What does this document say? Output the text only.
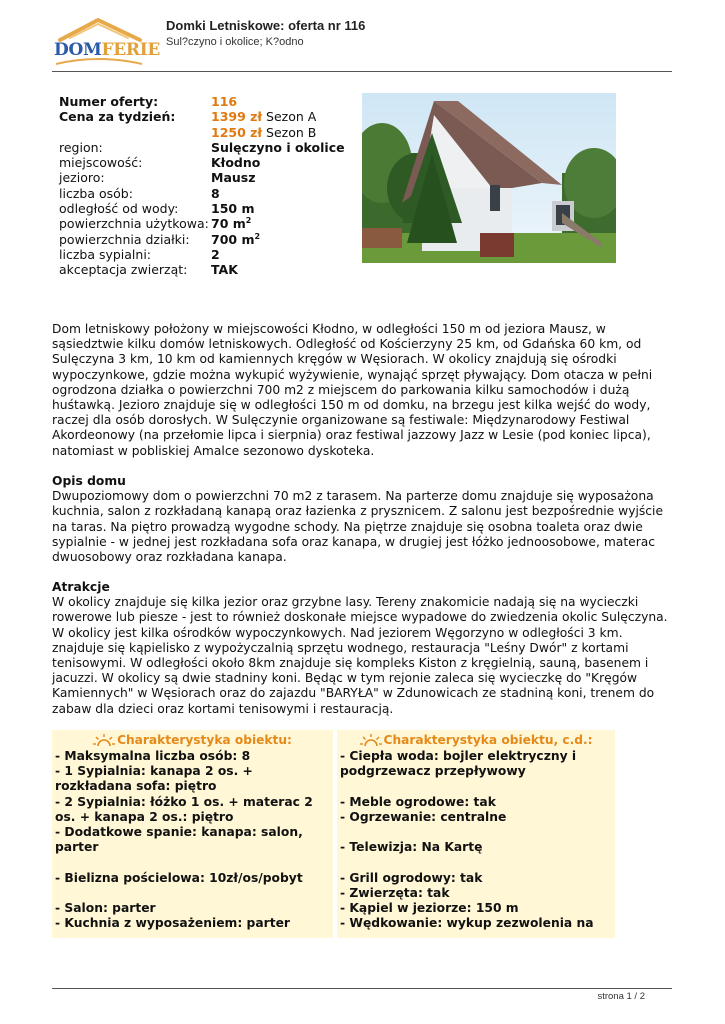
DOMFERIE
Domki Letniskowe: oferta nr 116
Sul?czyno i okolice; K?odno
Numer oferty:	116
Cena za tydzień:	1399 zł Sezon A
1250 zł Sezon B
region:	Sulęczyno i okolice
miejscowość:	Kłodno
jezioro:	Mausz
liczba osób:	8
odległość od wody:	150 m
powierzchnia użytkowa: 70 $m^2$
powierzchnia działki:	700 $m^2$
liczba sypialni:	2
akceptacja zwierząt:	TAK
Dom letniskowy położony w miejscowości Kłodno, w odległości 150 m od jeziora Mausz, w sąsiedztwie kilku domów letniskowych. Odległość od Kościerzyny 25 km, od Gdańska 60 km, od Sulęczyna 3 km, 10 km od kamiennych kręgów w Węsiorach. W okolicy znajdują się ośrodki wypoczynkowe, gdzie można wykupić wyżywienie, wynająć sprzęt pływający. Dom otacza w pełni ogrodzona działka o powierzchni 700 m2 z miejscem do parkowania kilku samochodów i dużą huśtawką. Jezioro znajduje się w odległości 150 m od domku, na brzegu jest kilka wejść do wody, raczej dla osób dorosłych. W Sulęczynie organizowane są festiwale: Międzynarodowy Festiwal Akordeonowy (na przełomie lipca i sierpnia) oraz festiwal jazzowy Jazz w Lesie (pod koniec lipca), natomiast w pobliskiej Amalce sezonowo dyskoteka.
Opis domu
Dwupoziomowy dom o powierzchni 70 m2 z tarasem. Na parterze domu znajduje się wyposażona kuchnia, salon z rozkładaną kanapą oraz łazienka z prysznicem. Z salonu jest bezpośrednie wyjście na taras. Na piętro prowadzą wygodne schody. Na piętrze znajduje się osobna toaleta oraz dwie sypialnie - w jednej jest rozkładana sofa oraz kanapa, w drugiej jest łóżko jednoosobowe, materac dwuosobowy oraz rozkładana kanapa.
Atrakcje
W okolicy znajduje się kilka jezior oraz grzybne lasy. Tereny znakomicie nadają się na wycieczki rowerowe lub piesze - jest to również doskonałe miejsce wypadowe do zwiedzenia okolic Sulęczyna. W okolicy jest kilka ośrodków wypoczynkowych. Nad jeziorem Węgorzyno w odległości 3 km. znajduje się kąpielisko z wypożyczalnią sprzętu wodnego, restauracja "Leśny Dwór" z kortami tenisowymi. W odległości około 8km znajduje się kompleks Kiston z kręgielnią, sauną, basenem i jacuzzi. W okolicy są dwie stadniny koni. Będąc w tym rejonie zaleca się wycieczkę do "Kręgów Kamiennych" w Węsiorach oraz do zajazdu "BARYŁA" w Zdunowicach ze stadniną koni, trenem do zabaw dla dzieci oraz kortami tenisowymi i restauracją.
Charakterystyka obiektu:
- Maksymalna liczba osób: 8
- 1 Sypialnia: kanapa 2 os. + rozkładana sofa: piętro
- 2 Sypialnia: łóżko 1 os. + materac 2 os. + kanapa 2 os.: piętro
- Dodatkowe spanie: kanapa: salon, parter
- Bielizna pościelowa: 10zł/os/pobyt
- Salon: parter
- Kuchnia z wyposażeniem: parter
Charakterystyka obiektu, c.d.:
- Ciepła woda: bojler elektryczny i podgrzewacz przepływowy
- Meble ogrodowe: tak
- Ogrzewanie: centralne
- Telewizja: Na Kartę
- Grill ogrodowy: tak
- Zwierzęta: tak
- Kąpiel w jeziorze: 150 m
- Wędkowanie: wykup zezwolenia na
strona 1 / 2
